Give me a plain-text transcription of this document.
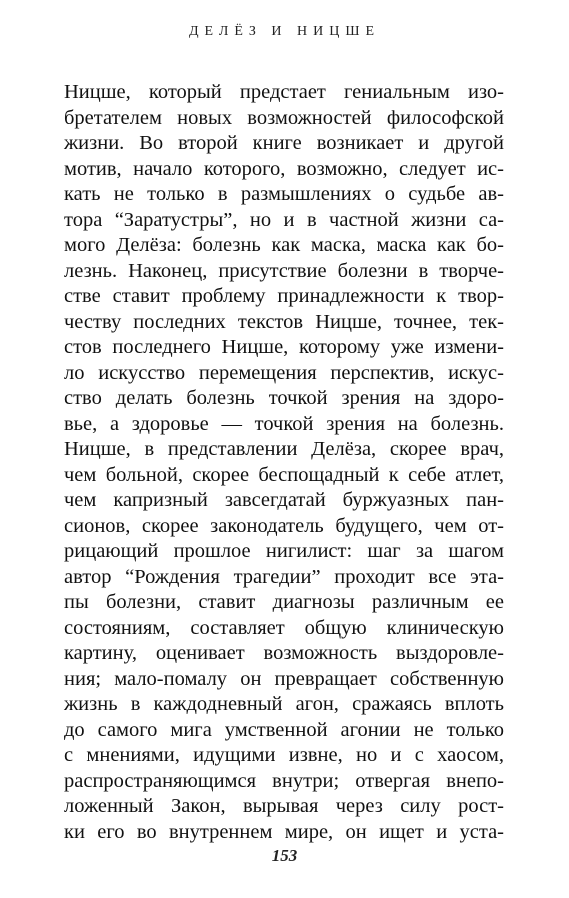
ДЕЛЁЗ И НИЦШЕ
Ницше, который предстает гениальным изо-
бретателем новых возможностей философской
жизни. Во второй книге возникает и другой
мотив, начало которого, возможно, следует ис-
кать не только в размышлениях о судьбе ав-
тора “Заратустры”, но и в частной жизни са-
мого Делёза: болезнь как маска, маска как бо-
лезнь. Наконец, присутствие болезни в творче-
стве ставит проблему принадлежности к твор-
честву последних текстов Ницше, точнее, тек-
стов последнего Ницше, которому уже измени-
ло искусство перемещения перспектив, искус-
ство делать болезнь точкой зрения на здоро-
вье, а здоровье — точкой зрения на болезнь.
Ницше, в представлении Делёза, скорее врач,
чем больной, скорее беспощадный к себе атлет,
чем капризный завсегдатай буржуазных пан-
сионов, скорее законодатель будущего, чем от-
рицающий прошлое нигилист: шаг за шагом
автор “Рождения трагедии” проходит все эта-
пы болезни, ставит диагнозы различным ее
состояниям, составляет общую клиническую
картину, оценивает возможность выздоровле-
ния; мало-помалу он превращает собственную
жизнь в каждодневный агон, сражаясь вплоть
до самого мига умственной агонии не только
с мнениями, идущими извне, но и с хаосом,
распространяющимся внутри; отвергая внепо-
ложенный Закон, вырывая через силу рост-
ки его во внутреннем мире, он ищет и уста-
153
